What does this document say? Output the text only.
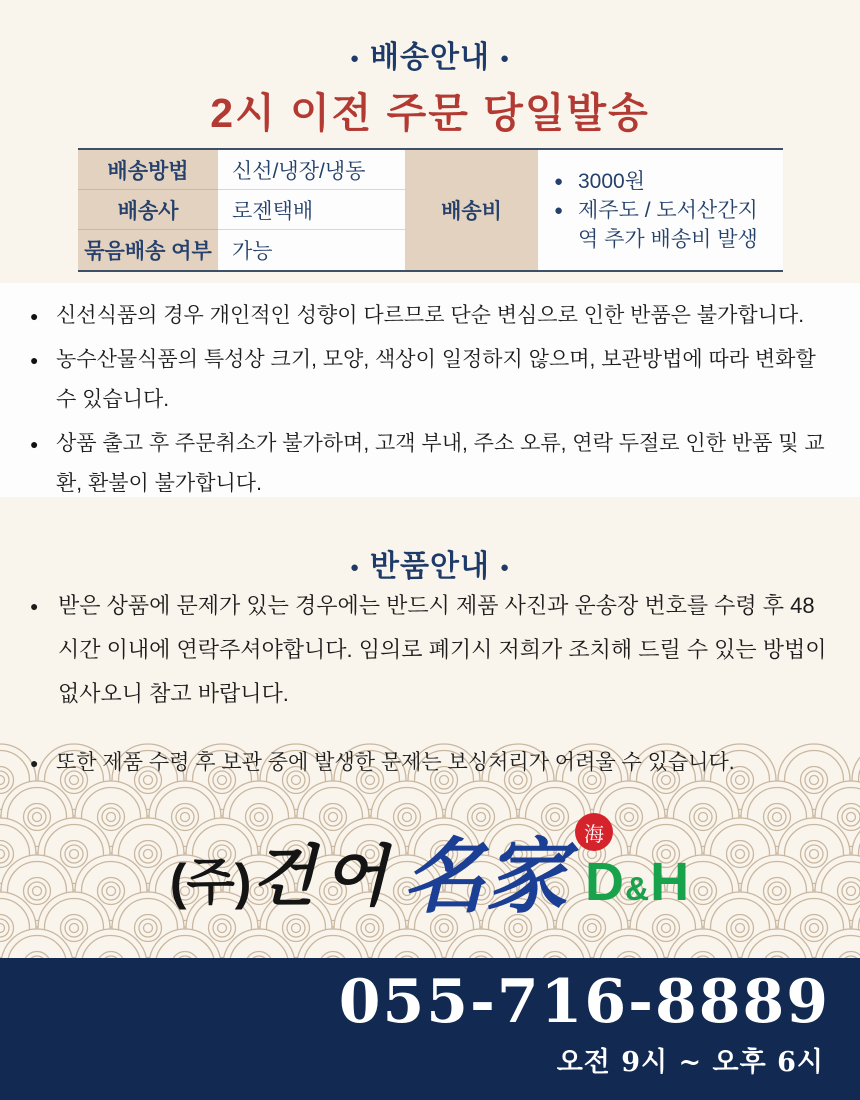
● 배송안내 ●
2시 이전 주문 당일발송
배송방법	신선/냉장/냉동
배송비
● 3000원
● 제주도 / 도서산간지역 추가 배송비 발생
배송사	로젠택배
묶음배송 여부 가능
● 신선식품의 경우 개인적인 성향이 다르므로 단순 변심으로 인한 반품은 불가합니다.
● 농수산물식품의 특성상 크기, 모양, 색상이 일정하지 않으며, 보관방법에 따라 변화할 수 있습니다.
● 상품 출고 후 주문취소가 불가하며, 고객 부내, 주소 오류, 연락 두절로 인한 반품 및 교환, 환불이 불가합니다.
● 반품안내 ●
● 받은 상품에 문제가 있는 경우에는 반드시 제품 사진과 운송장 번호를 수령 후 48시간 이내에 연락주셔야합니다. 임의로 폐기시 저희가 조치해 드릴 수 있는 방법이 없사오니 참고 바랍니다.
● 또한 제품 수령 후 보관 중에 발생한 문제는 보싱처리가 어려울 수 있습니다.
(주) 건어 名家 海
D&H
055-716-8889
오전 9시 ~ 오후 6시
